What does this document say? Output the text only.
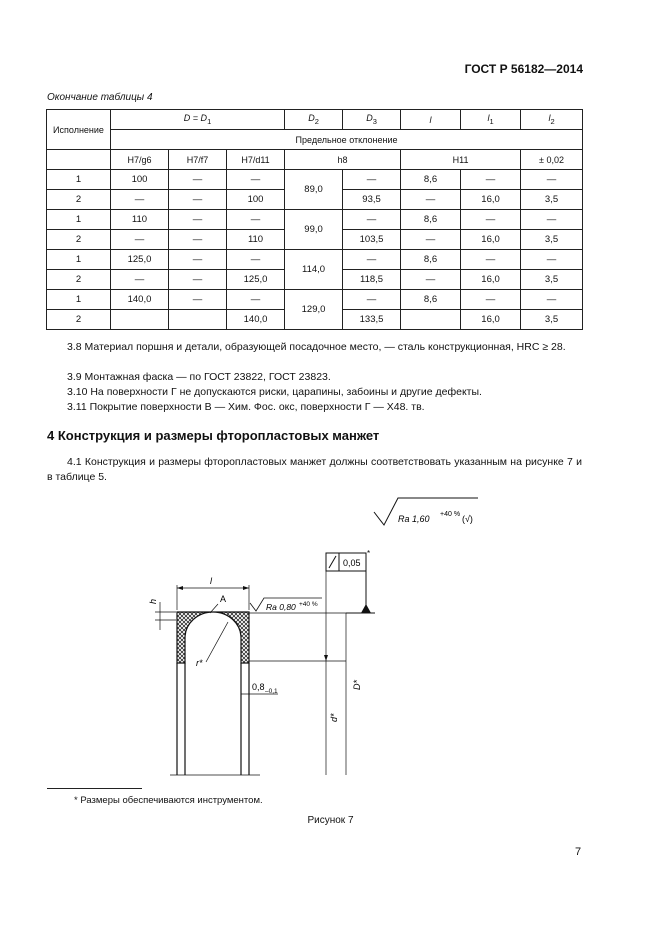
ГОСТ Р 56182—2014
Окончание таблицы 4
Исполнение	$D = D_1$			$D_2$	$D_3$	l	$l_1$	$l_2$
	Предельное отклонение							
	H7/g6	H7/f7	H7/d11	h8		H11		± 0,02
1	100	—	—	89,0	—	8,6	—	—
2	—	—	100		93,5	—	16,0	3,5
1	110	—	—	99,0	—	8,6	—	—
2	—	—	110		103,5	—	16,0	3,5
1	125,0	—	—	114,0	—	8,6	—	—
2	—	—	125,0		118,5	—	16,0	3,5
1	140,0	—	—	129,0	—	8,6	—	—
2			140,0		133,5		16,0	3,5

3.8 Материал поршня и детали, образующей посадочное место, — сталь конструкционная, HRC ≥ 28.

3.9 Монтажная фаска — по ГОСТ 23822, ГОСТ 23823.

3.10 На поверхности Г не допускаются риски, царапины, забоины и другие дефекты.

3.11 Покрытие поверхности В — Хим. Фос. окс, поверхности Г — Х48. тв.

4 Конструкция и размеры фторопластовых манжет

4.1 Конструкция и размеры фторопластовых манжет должны соответствовать указанным на рисунке 7 и в таблице 5.

Ra 1,60 +40 % (√)
0,05
*
l
A
h
r*
Ra 0,80 +40 %
0,8 –0,1
d*
D*
* Размеры обеспечиваются инструментом.
Рисунок 7
7
